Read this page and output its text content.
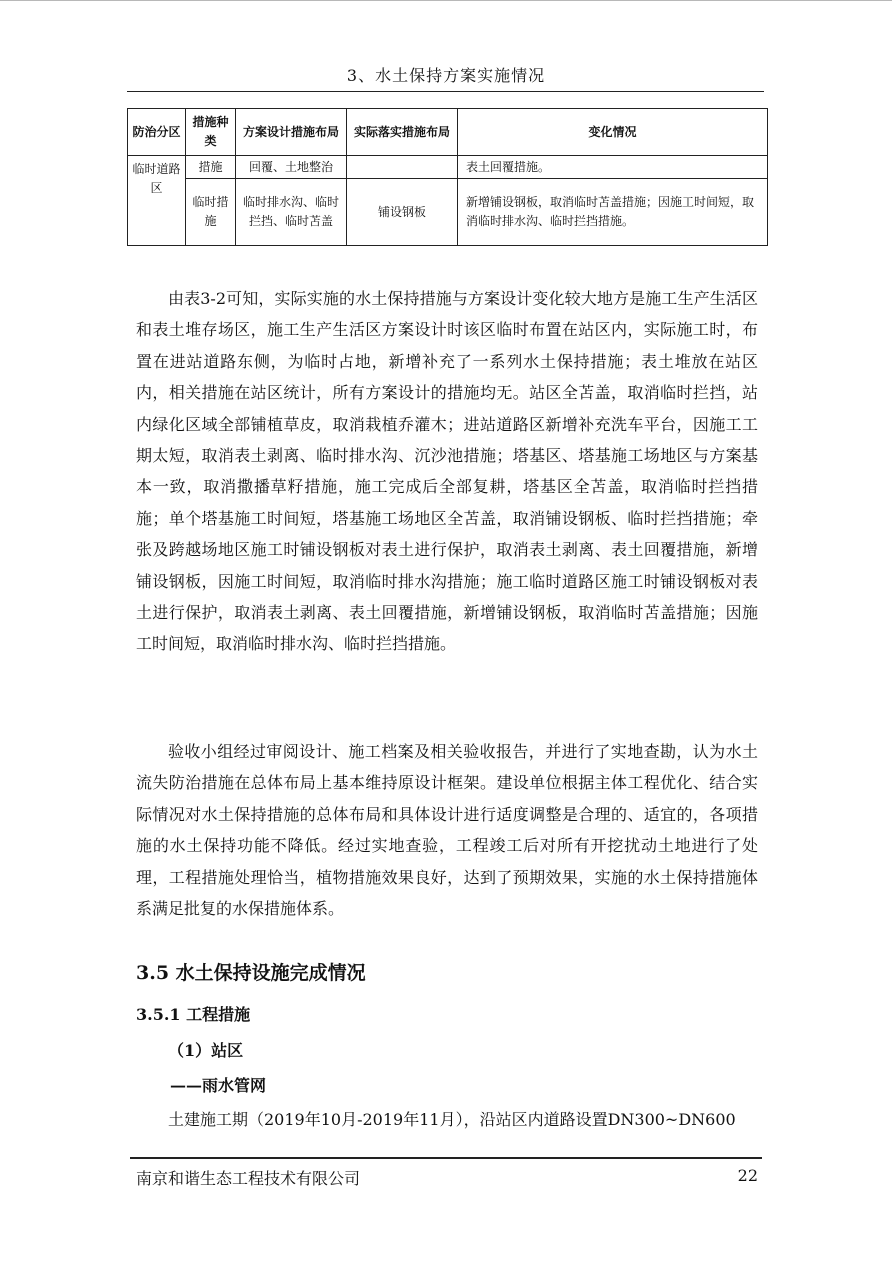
3、水土保持方案实施情况
防治分区	措施种类	方案设计措施布局	实际落实措施布局	变化情况
临时道路区	措施	回覆、土地整治		表土回覆措施。
	临时措施	临时排水沟、临时拦挡、临时苫盖	铺设钢板	新增铺设钢板，取消临时苫盖措施；因施工时间短，取消临时排水沟、临时拦挡措施。

由表3-2可知，实际实施的水土保持措施与方案设计变化较大地方是施工生产生活区和表土堆存场区，施工生产生活区方案设计时该区临时布置在站区内，实际施工时，布置在进站道路东侧，为临时占地，新增补充了一系列水土保持措施；表土堆放在站区内，相关措施在站区统计，所有方案设计的措施均无。站区全苫盖，取消临时拦挡，站内绿化区域全部铺植草皮，取消栽植乔灌木；进站道路区新增补充洗车平台，因施工工期太短，取消表土剥离、临时排水沟、沉沙池措施；塔基区、塔基施工场地区与方案基本一致，取消撒播草籽措施，施工完成后全部复耕，塔基区全苫盖，取消临时拦挡措施；单个塔基施工时间短，塔基施工场地区全苫盖，取消铺设钢板、临时拦挡措施；牵张及跨越场地区施工时铺设钢板对表土进行保护，取消表土剥离、表土回覆措施，新增铺设钢板，因施工时间短，取消临时排水沟措施；施工临时道路区施工时铺设钢板对表土进行保护，取消表土剥离、表土回覆措施，新增铺设钢板，取消临时苫盖措施；因施工时间短，取消临时排水沟、临时拦挡措施。

验收小组经过审阅设计、施工档案及相关验收报告，并进行了实地查勘，认为水土流失防治措施在总体布局上基本维持原设计框架。建设单位根据主体工程优化、结合实际情况对水土保持措施的总体布局和具体设计进行适度调整是合理的、适宜的，各项措施的水土保持功能不降低。经过实地查验，工程竣工后对所有开挖扰动土地进行了处理，工程措施处理恰当，植物措施效果良好，达到了预期效果，实施的水土保持措施体系满足批复的水保措施体系。

3.5 水土保持设施完成情况
3.5.1 工程措施
（1）站区
——雨水管网
土建施工期（2019年10月-2019年11月），沿站区内道路设置DN300~DN600
南京和谐生态工程技术有限公司	22
